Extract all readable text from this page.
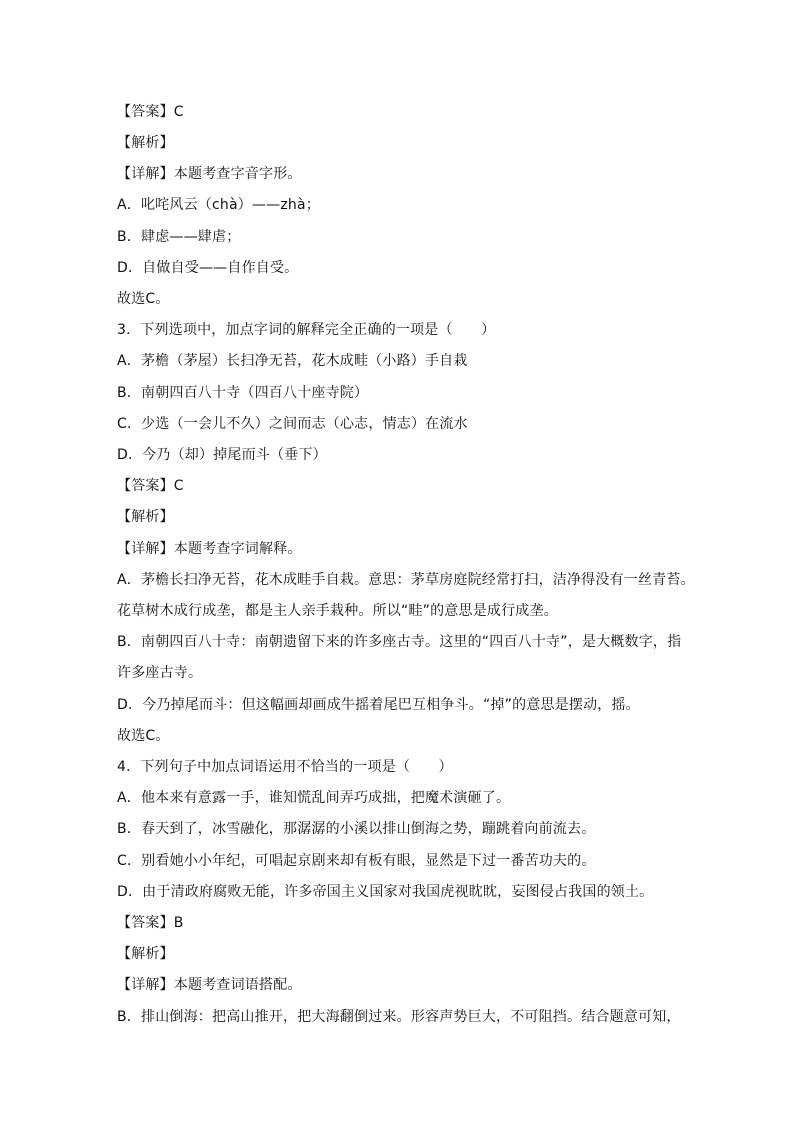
【答案】C
【解析】
【详解】本题考查字音字形。
A．叱咤风云（chà）——zhà；
B．肆虑——肆虐；
D．自做自受——自作自受。
故选C。
3．下列选项中，加点字词的解释完全正确的一项是（　　）
A．茅檐（茅屋）长扫净无苔，花木成畦（小路）手自栽
B．南朝四百八十寺（四百八十座寺院）
C．少选（一会儿不久）之间而志（心志，情志）在流水
D．今乃（却）掉尾而斗（垂下）
【答案】C
【解析】
【详解】本题考查字词解释。
A．茅檐长扫净无苔，花木成畦手自栽。意思：茅草房庭院经常打扫，洁净得没有一丝青苔。
花草树木成行成垄，都是主人亲手栽种。所以“畦”的意思是成行成垄。
B．南朝四百八十寺：南朝遗留下来的许多座古寺。这里的“四百八十寺”，是大概数字，指
许多座古寺。
D．今乃掉尾而斗：但这幅画却画成牛摇着尾巴互相争斗。“掉”的意思是摆动，摇。
故选C。
4．下列句子中加点词语运用不恰当的一项是（　　）
A．他本来有意露一手，谁知慌乱间弄巧成拙，把魔术演砸了。
B．春天到了，冰雪融化，那潺潺的小溪以排山倒海之势，蹦跳着向前流去。
C．别看她小小年纪，可唱起京剧来却有板有眼，显然是下过一番苦功夫的。
D．由于清政府腐败无能，许多帝国主义国家对我国虎视眈眈，妄图侵占我国的领土。
【答案】B
【解析】
【详解】本题考查词语搭配。
B．排山倒海：把高山推开，把大海翻倒过来。形容声势巨大，不可阻挡。结合题意可知，
